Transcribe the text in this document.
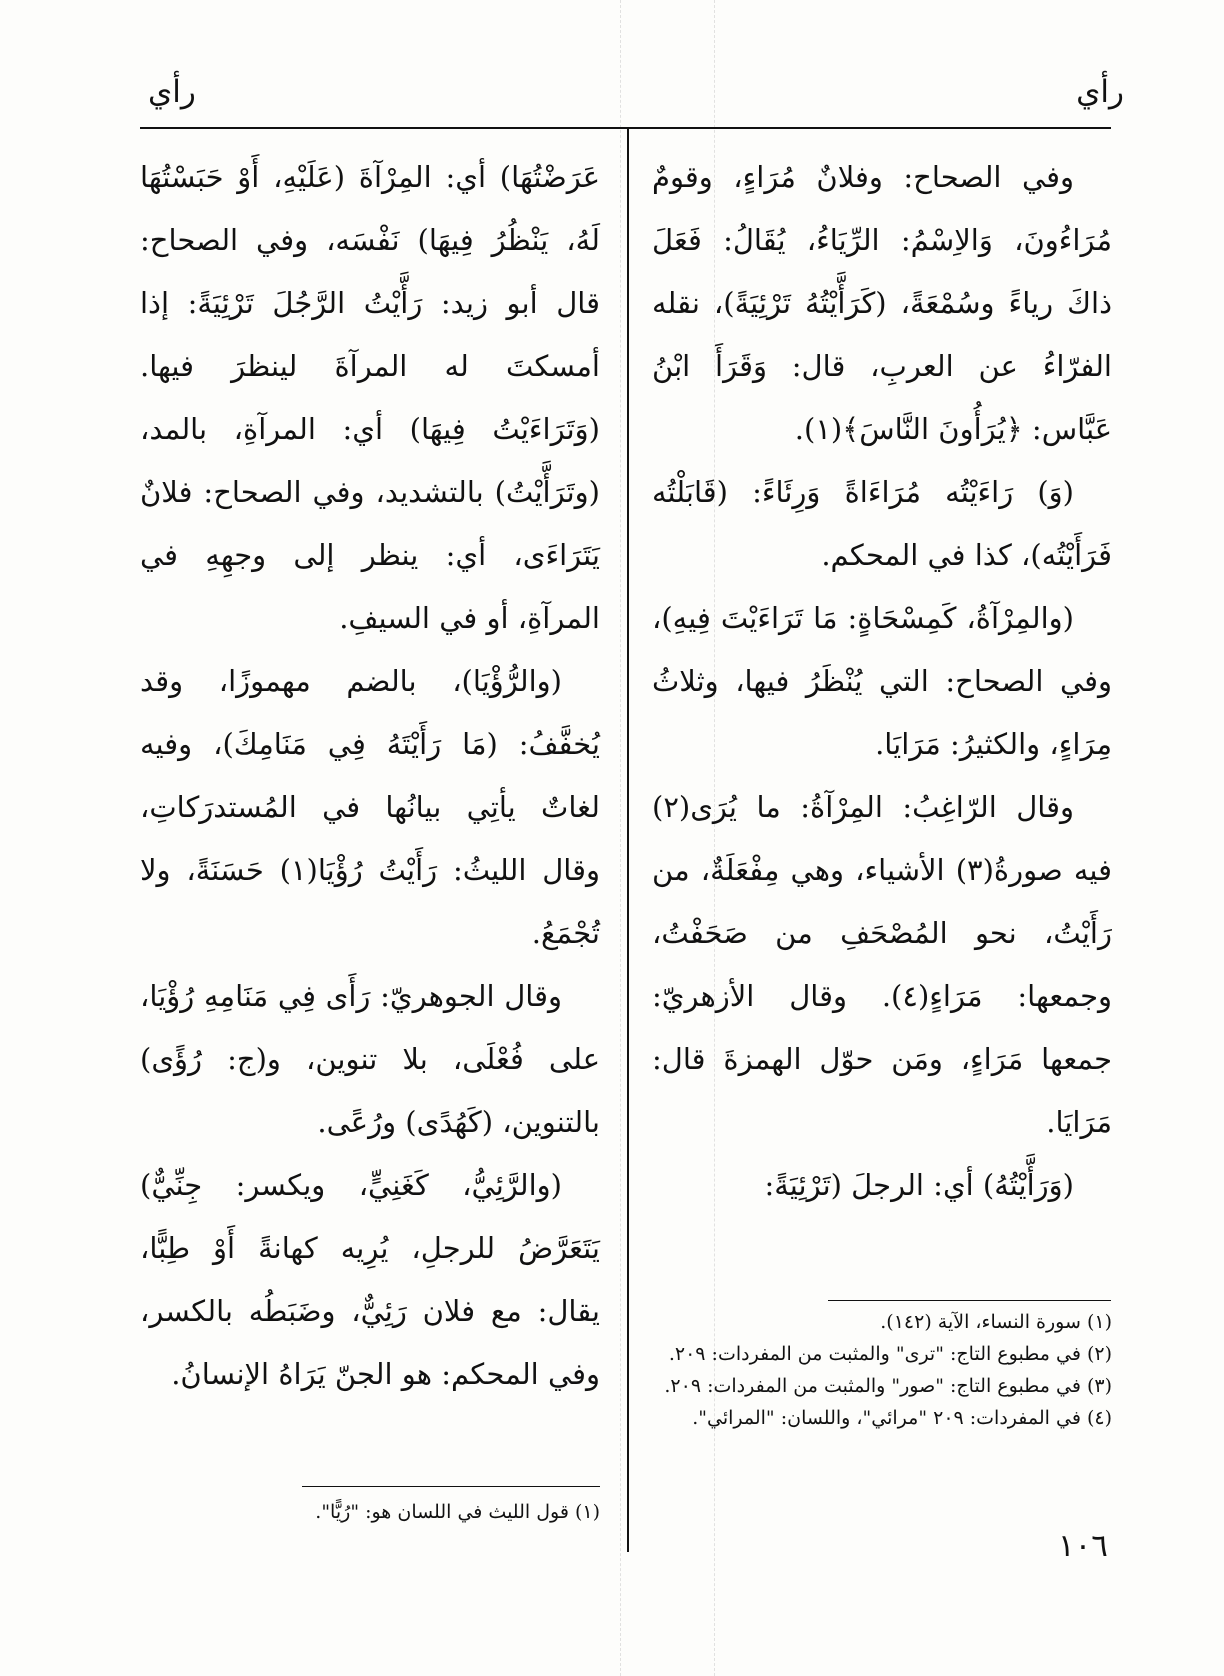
رأي
رأي

وفي الصحاح: وفلانٌ مُرَاءٍ، وقومٌ مُرَاءُونَ، وَالاِسْمُ: الرِّيَاءُ، يُقَالُ: فَعَلَ ذاكَ رياءً وسُمْعَةً، (كَرَأَّيْتُهُ تَرْئِيَةً)، نقله الفرّاءُ عن العربِ، قال: وَقَرَأَ ابْنُ عَبَّاس: ﴿يُرَأُونَ النَّاسَ﴾(١).

(وَ) رَاءَيْتُه مُرَاءَاةً وَرِئَاءً: (قَابَلْتُه فَرَأَيْتُه)، كذا في المحكم.

(والمِرْآةُ، كَمِسْحَاةٍ: مَا تَرَاءَيْتَ فِيهِ)، وفي الصحاح: التي يُنْظَرُ فيها، وثلاثُ مِرَاءٍ، والكثيرُ: مَرَايَا.

وقال الرّاغِبُ: المِرْآةُ: ما يُرَى(٢) فيه صورةُ(٣) الأشياء، وهي مِفْعَلَةٌ، من رَأَيْتُ، نحو المُصْحَفِ من صَحَفْتُ، وجمعها: مَرَاءٍ(٤). وقال الأزهريّ: جمعها مَرَاءٍ، ومَن حوّل الهمزةَ قال: مَرَايَا.

(وَرَأَّيْتُهُ) أي: الرجلَ (تَرْئِيَةً:

(١) سورة النساء، الآية (١٤٢).

(٢) في مطبوع التاج: "ترى" والمثبت من المفردات: ٢٠٩.

(٣) في مطبوع التاج: "صور" والمثبت من المفردات: ٢٠٩.

(٤) في المفردات: ٢٠٩ "مرائي"، واللسان: "المرائي".

عَرَضْتُهَا) أي: المِرْآةَ (عَلَيْهِ، أَوْ حَبَسْتُهَا لَهُ، يَنْظُرُ فِيهَا) نَفْسَه، وفي الصحاح: قال أبو زيد: رَأَّيْتُ الرَّجُلَ تَرْئِيَةً: إذا أمسكتَ له المرآةَ لينظرَ فيها. (وَتَرَاءَيْتُ فِيهَا) أي: المرآةِ، بالمد، (وتَرَأَّيْتُ) بالتشديد، وفي الصحاح: فلانٌ يَتَرَاءَى، أي: ينظر إلى وجهِهِ في المرآةِ، أو في السيفِ.

(والرُّؤْيَا)، بالضم مهموزًا، وقد يُخفَّفُ: (مَا رَأَيْتَهُ فِي مَنَامِكَ)، وفيه لغاتٌ يأتِي بيانُها في المُستدرَكاتِ، وقال الليثُ: رَأَيْتُ رُؤْيَا(١) حَسَنَةً، ولا تُجْمَعُ.

وقال الجوهريّ: رَأَى فِي مَنَامِهِ رُؤْيَا، على فُعْلَى، بلا تنوين، و(ج: رُؤًى) بالتنوين، (كَهُدًى) ورُعًى.

(والرَّئِيُّ، كَغَنِيٍّ، ويكسر: جِنِّيٌّ) يَتَعَرَّضُ للرجلِ، يُرِيه كهانةً أَوْ طِبًّا، يقال: مع فلان رَئِيٌّ، وضَبَطُه بالكسر، وفي المحكم: هو الجنّ يَرَاهُ الإنسانُ.

(١) قول الليث في اللسان هو: "رُيًّا".

١٠٦
